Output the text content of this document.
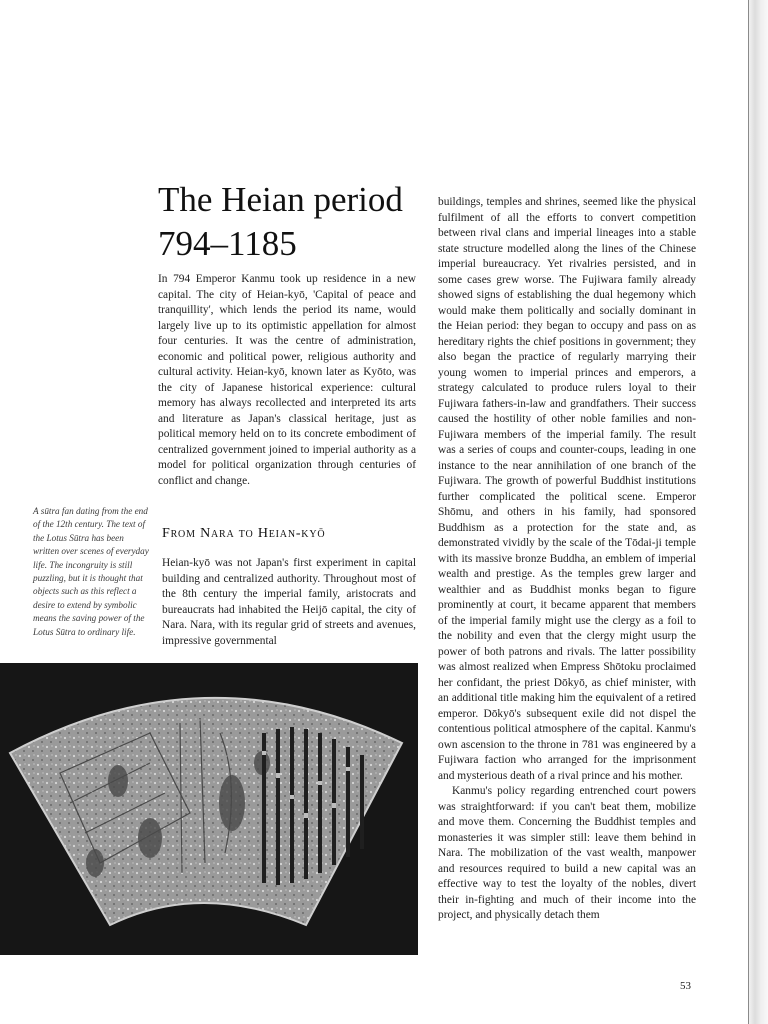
The Heian period 794–1185

In 794 Emperor Kanmu took up residence in a new capital. The city of Heian-kyō, 'Capital of peace and tranquillity', which lends the period its name, would largely live up to its optimistic appellation for almost four centuries. It was the centre of administration, economic and political power, religious authority and cultural activity. Heian-kyō, known later as Kyōto, was the city of Japanese historical experience: cultural memory has always recollected and interpreted its arts and literature as Japan's classical heritage, just as political memory held on to its concrete embodiment of centralized government joined to imperial authority as a model for political organization through centuries of conflict and change.

From Nara to Heian-kyō

Heian-kyō was not Japan's first experiment in capital building and centralized authority. Throughout most of the 8th century the imperial family, aristocrats and bureaucrats had inhabited the Heijō capital, the city of Nara. Nara, with its regular grid of streets and avenues, impressive governmental

A sūtra fan dating from the end of the 12th century. The text of the Lotus Sūtra has been written over scenes of everyday life. The incongruity is still puzzling, but it is thought that objects such as this reflect a desire to extend by symbolic means the saving power of the Lotus Sūtra to ordinary life.

buildings, temples and shrines, seemed like the physical fulfilment of all the efforts to convert competition between rival clans and imperial lineages into a stable state structure modelled along the lines of the Chinese imperial bureaucracy. Yet rivalries persisted, and in some cases grew worse. The Fujiwara family already showed signs of establishing the dual hegemony which would make them politically and socially dominant in the Heian period: they began to occupy and pass on as hereditary rights the chief positions in government; they also began the practice of regularly marrying their young women to imperial princes and emperors, a strategy calculated to produce rulers loyal to their Fujiwara fathers-in-law and grandfathers. Their success caused the hostility of other noble families and non-Fujiwara members of the imperial family. The result was a series of coups and counter-coups, leading in one instance to the near annihilation of one branch of the Fujiwara. The growth of powerful Buddhist institutions further complicated the political scene. Emperor Shōmu, and others in his family, had sponsored Buddhism as a protection for the state and, as demonstrated vividly by the scale of the Tōdai-ji temple with its massive bronze Buddha, an emblem of imperial wealth and prestige. As the temples grew larger and wealthier and as Buddhist monks began to figure prominently at court, it became apparent that members of the imperial family might use the clergy as a foil to the nobility and even that the clergy might usurp the power of both patrons and rivals. The latter possibility was almost realized when Empress Shōtoku proclaimed her confidant, the priest Dōkyō, as chief minister, with an additional title making him the equivalent of a retired emperor. Dōkyō's subsequent exile did not dispel the contentious political atmosphere of the capital. Kanmu's own ascension to the throne in 781 was engineered by a Fujiwara faction who arranged for the imprisonment and mysterious death of a rival prince and his mother.

Kanmu's policy regarding entrenched court powers was straightforward: if you can't beat them, mobilize and move them. Concerning the Buddhist temples and monasteries it was simpler still: leave them behind in Nara. The mobilization of the vast wealth, manpower and resources required to build a new capital was an effective way to test the loyalty of the nobles, divert their in-fighting and much of their income into the project, and physically detach them

53
